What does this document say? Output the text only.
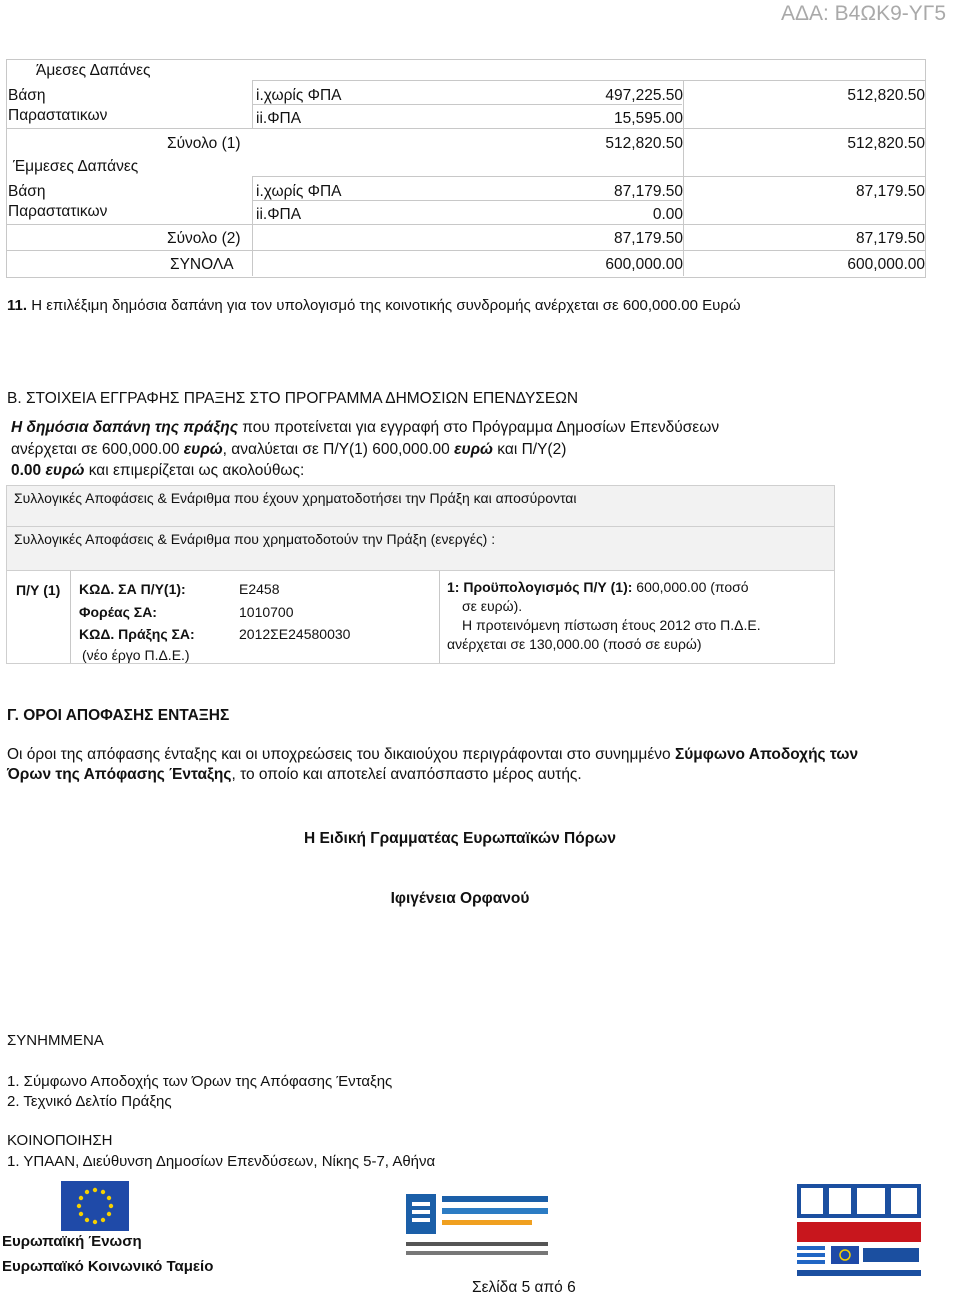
ΑΔΑ: Β4ΩΚ9-ΥΓ5
Άμεσες Δαπάνες
Βάση
Παραστατικων
i.χωρίς ΦΠΑ	497,225.50	512,820.50
ii.ΦΠΑ	15,595.00
Σύνολο (1)	512,820.50	512,820.50
Έμμεσες Δαπάνες
Βάση
Παραστατικων
i.χωρίς ΦΠΑ	87,179.50	87,179.50
ii.ΦΠΑ	0.00
Σύνολο (2)	87,179.50	87,179.50
ΣΥΝΟΛΑ	600,000.00	600,000.00
11. Η επιλέξιμη δημόσια δαπάνη για τον υπολογισμό της κοινοτικής συνδρομής ανέρχεται σε 600,000.00 Ευρώ
Β. ΣΤΟΙΧΕΙΑ ΕΓΓΡΑΦΗΣ ΠΡΑΞΗΣ ΣΤΟ ΠΡΟΓΡΑΜΜΑ ΔΗΜΟΣΙΩΝ ΕΠΕΝΔΥΣΕΩΝ
Η δημόσια δαπάνη της πράξης που προτείνεται για εγγραφή στο Πρόγραμμα Δημοσίων Επενδύσεων
ανέρχεται σε 600,000.00 ευρώ, αναλύεται σε Π/Υ(1) 600,000.00 ευρώ και Π/Υ(2)
0.00 ευρώ και επιμερίζεται ως ακολούθως:
Συλλογικές Αποφάσεις & Ενάριθμα που έχουν χρηματοδοτήσει την Πράξη και αποσύρονται
Συλλογικές Αποφάσεις & Ενάριθμα που χρηματοδοτούν την Πράξη (ενεργές) :
Π/Υ (1) ΚΩΔ. ΣΑ Π/Υ(1):	Ε2458
Φορέας ΣΑ:	1010700
ΚΩΔ. Πράξης ΣΑ:	2012ΣΕ24580030
(νέο έργο Π.Δ.Ε.)
1: Προϋπολογισμός Π/Υ (1): 600,000.00 (ποσό
σε ευρώ).
Η προτεινόμενη πίστωση έτους 2012 στο Π.Δ.Ε.
ανέρχεται σε 130,000.00 (ποσό σε ευρώ)
Γ. ΟΡΟΙ ΑΠΟΦΑΣΗΣ ΕΝΤΑΞΗΣ
Οι όροι της απόφασης ένταξης και οι υποχρεώσεις του δικαιούχου περιγράφονται στο συνημμένο Σύμφωνο Αποδοχής των
Όρων της Απόφασης Ένταξης, το οποίο και αποτελεί αναπόσπαστο μέρος αυτής.
Η Ειδική Γραμματέας Ευρωπαϊκών Πόρων
Ιφιγένεια Ορφανού
ΣΥΝΗΜΜΕΝΑ
1. Σύμφωνο Αποδοχής των Όρων της Απόφασης Ένταξης
2. Τεχνικό Δελτίο Πράξης
ΚΟΙΝΟΠΟΙΗΣΗ
1. ΥΠΑΑΝ, Διεύθυνση Δημοσίων Επενδύσεων, Νίκης 5-7, Αθήνα
Ευρωπαϊκή Ένωση
Ευρωπαϊκό Κοινωνικό Ταμείο
Σελίδα 5 από 6
